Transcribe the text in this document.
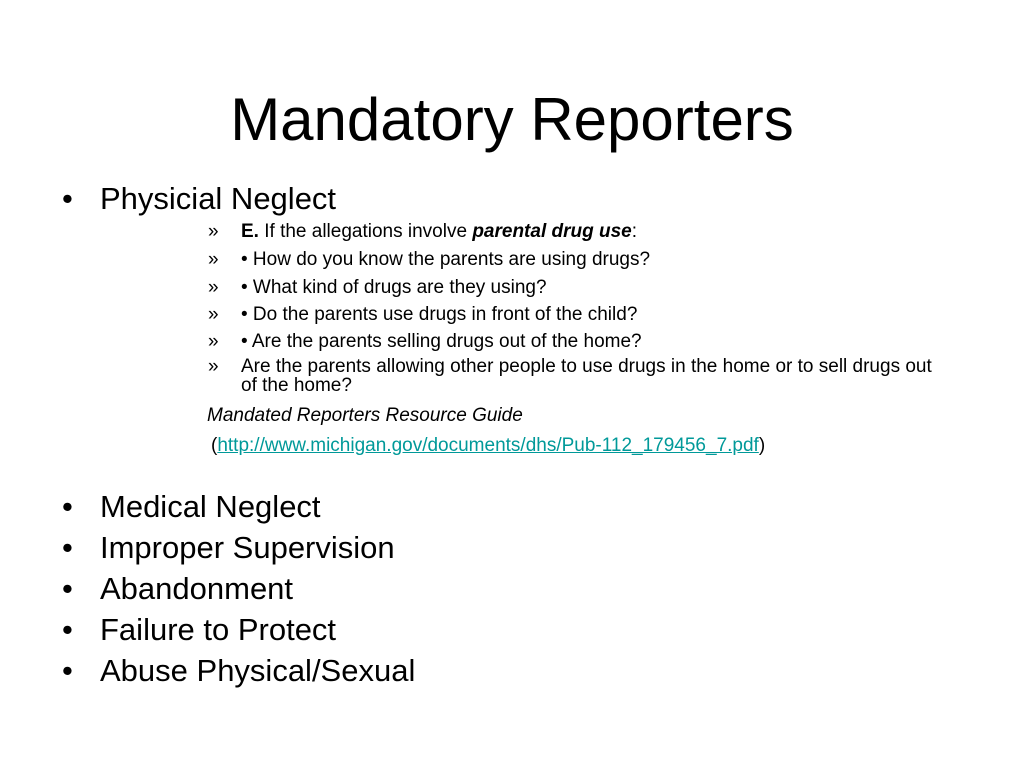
Mandatory Reporters
• Physicial Neglect
» E. If the allegations involve parental drug use:
» • How do you know the parents are using drugs?
» • What kind of drugs are they using?
» • Do the parents use drugs in front of the child?
» • Are the parents selling drugs out of the home?
» Are the parents allowing other people to use drugs in the home or to sell drugs out of the home?
Mandated Reporters Resource Guide
(http://www.michigan.gov/documents/dhs/Pub-112_179456_7.pdf)
• Medical Neglect
• Improper Supervision
• Abandonment
• Failure to Protect
• Abuse Physical/Sexual
